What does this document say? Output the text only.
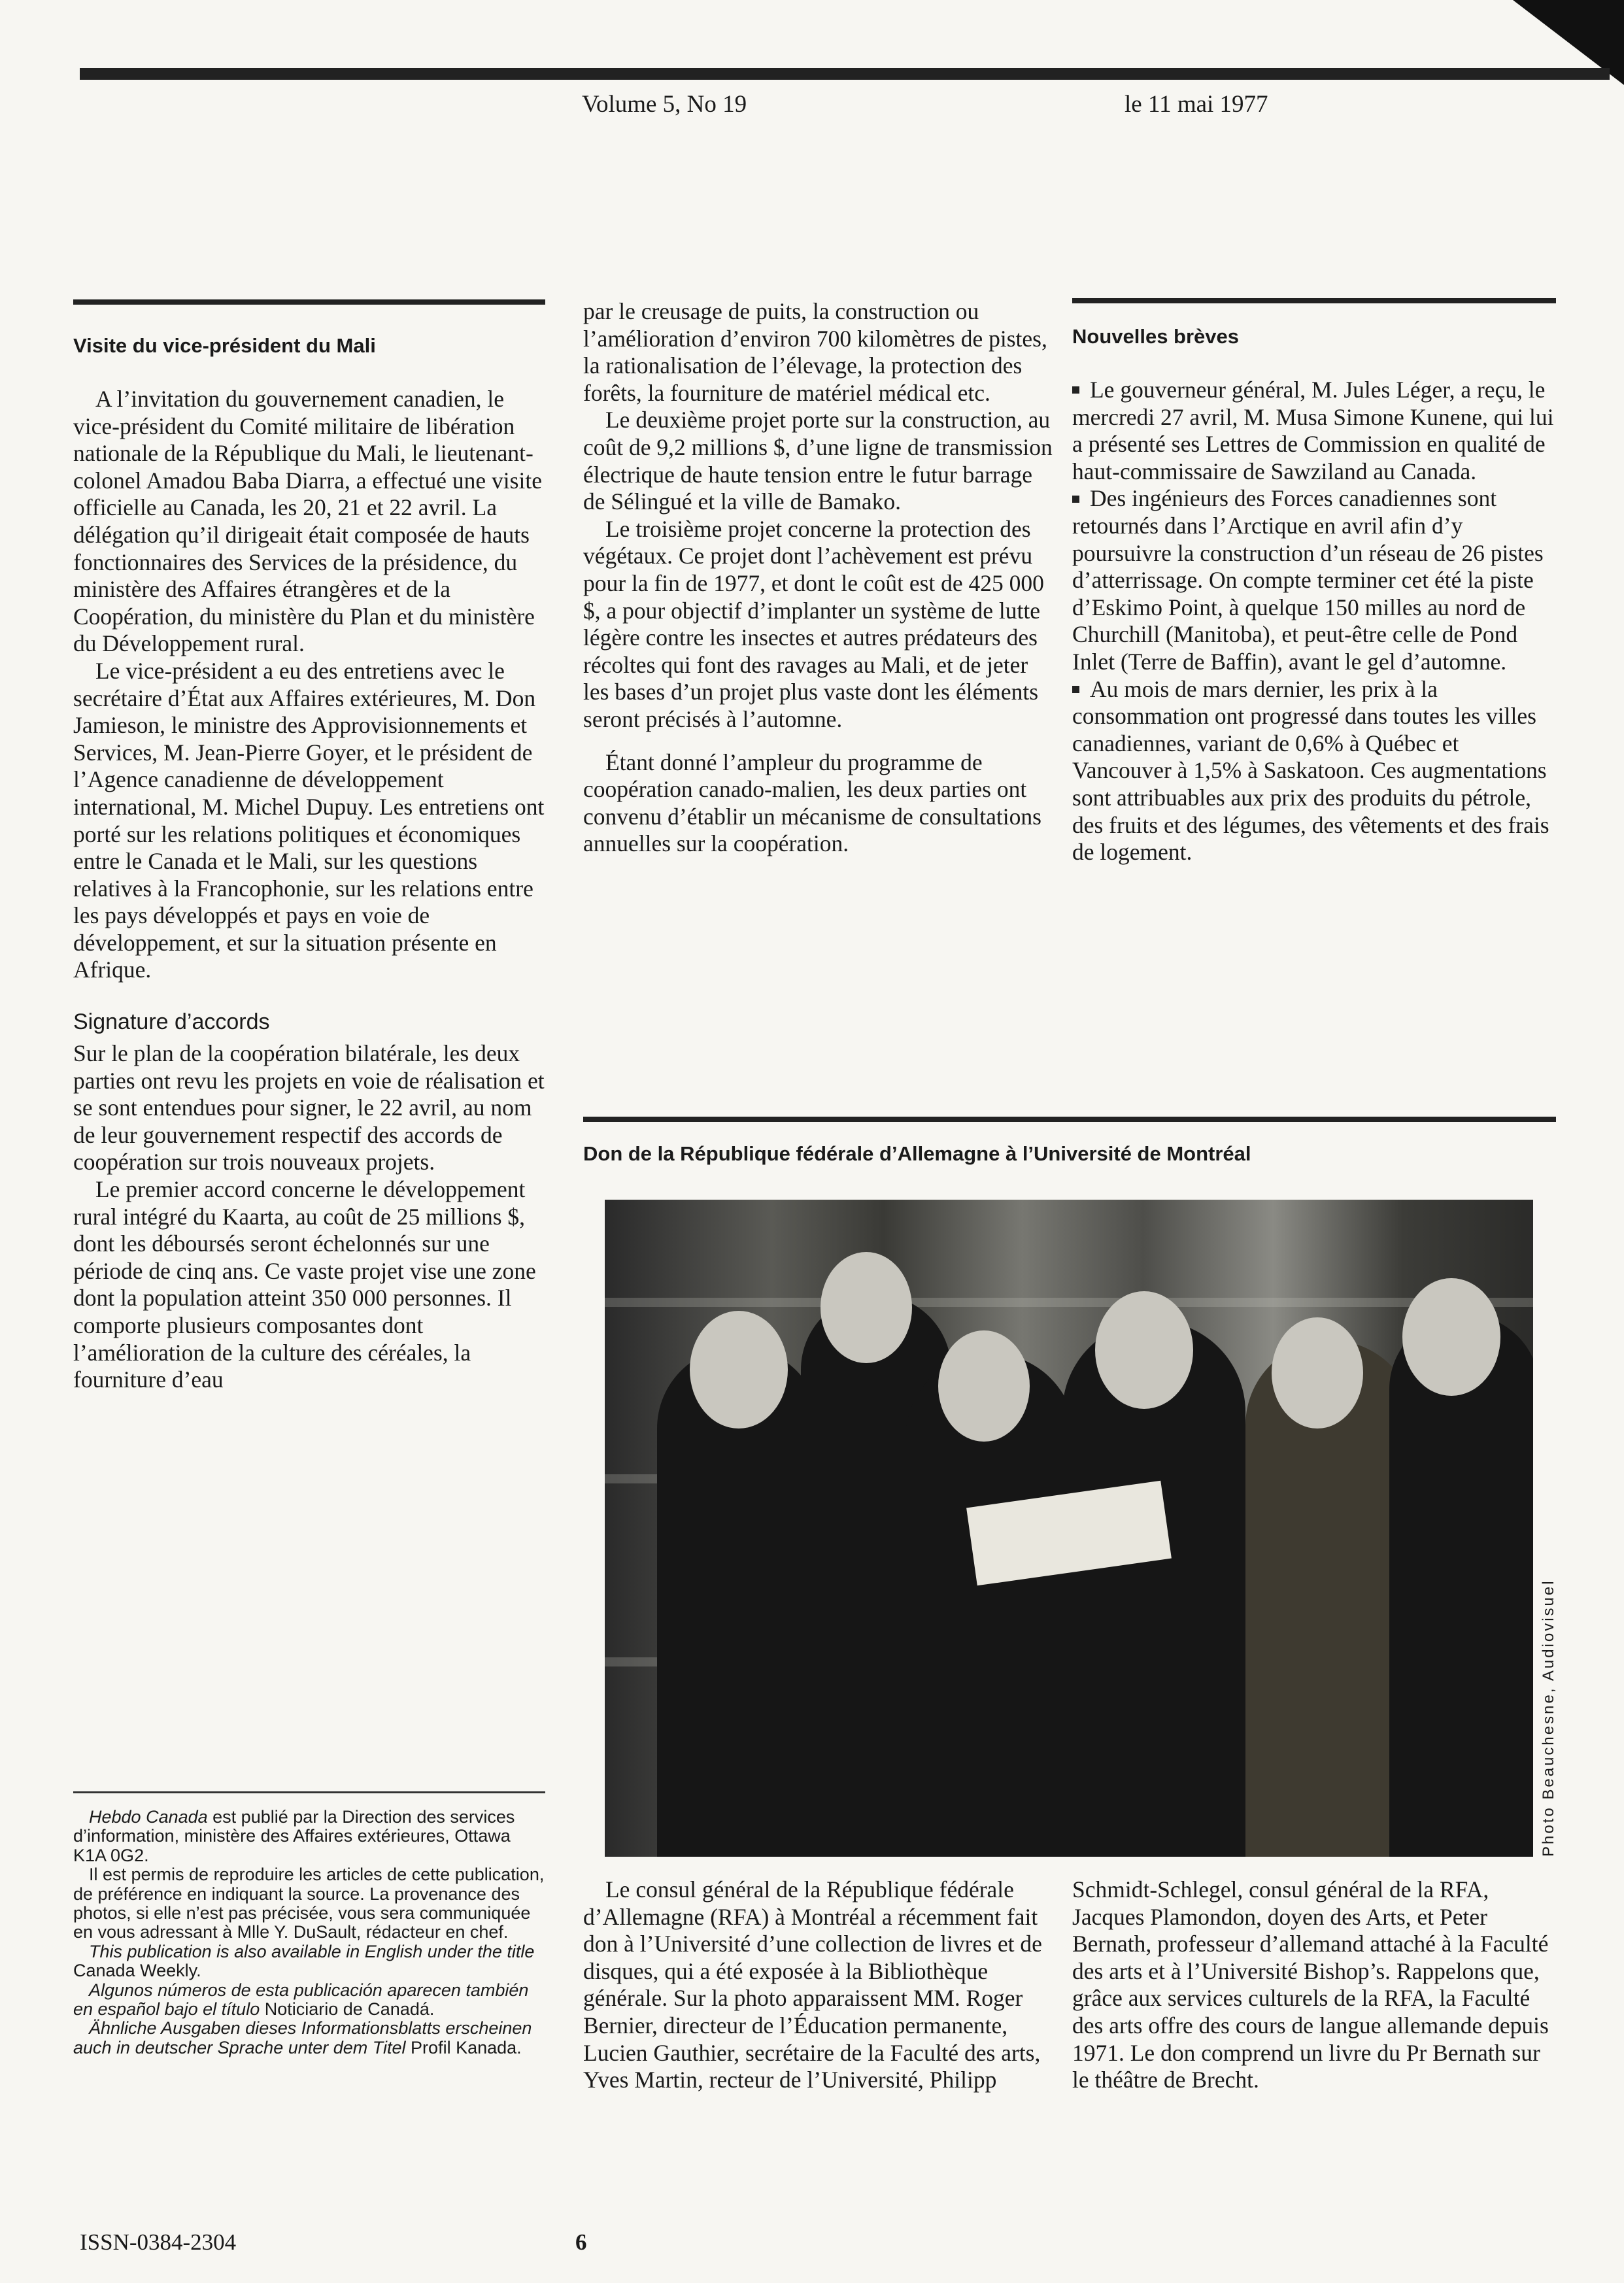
Volume 5, No 19	le 11 mai 1977
Visite du vice-président du Mali

A l’invitation du gouvernement canadien, le vice-président du Comité militaire de libération nationale de la République du Mali, le lieutenant-colonel Amadou Baba Diarra, a effectué une visite officielle au Canada, les 20, 21 et 22 avril. La délégation qu’il dirigeait était composée de hauts fonctionnaires des Services de la présidence, du ministère des Affaires étrangères et de la Coopération, du ministère du Plan et du ministère du Développement rural.

Le vice-président a eu des entretiens avec le secrétaire d’État aux Affaires extérieures, M. Don Jamieson, le ministre des Approvisionnements et Services, M. Jean-Pierre Goyer, et le président de l’Agence canadienne de développement international, M. Michel Dupuy. Les entretiens ont porté sur les relations politiques et économiques entre le Canada et le Mali, sur les questions relatives à la Francophonie, sur les relations entre les pays développés et pays en voie de développement, et sur la situation présente en Afrique.

Signature d’accords

Sur le plan de la coopération bilatérale, les deux parties ont revu les projets en voie de réalisation et se sont entendues pour signer, le 22 avril, au nom de leur gouvernement respectif des accords de coopération sur trois nouveaux projets.

Le premier accord concerne le développement rural intégré du Kaarta, au coût de 25 millions $, dont les déboursés seront échelonnés sur une période de cinq ans. Ce vaste projet vise une zone dont la population atteint 350 000 personnes. Il comporte plusieurs composantes dont l’amélioration de la culture des céréales, la fourniture d’eau

Hebdo Canada est publié par la Direction des services d’information, ministère des Affaires extérieures, Ottawa K1A 0G2.

Il est permis de reproduire les articles de cette publication, de préférence en indiquant la source. La provenance des photos, si elle n’est pas précisée, vous sera communiquée en vous adressant à Mlle Y. DuSault, rédacteur en chef.

This publication is also available in English under the title Canada Weekly.

Algunos números de esta publicación aparecen también en español bajo el título Noticiario de Canadá.

Ähnliche Ausgaben dieses Informationsblatts erscheinen auch in deutscher Sprache unter dem Titel Profil Kanada.

par le creusage de puits, la construction ou l’amélioration d’environ 700 kilomètres de pistes, la rationalisation de l’élevage, la protection des forêts, la fourniture de matériel médical etc.

Le deuxième projet porte sur la construction, au coût de 9,2 millions $, d’une ligne de transmission électrique de haute tension entre le futur barrage de Sélingué et la ville de Bamako.

Le troisième projet concerne la protection des végétaux. Ce projet dont l’achèvement est prévu pour la fin de 1977, et dont le coût est de 425 000 $, a pour objectif d’implanter un système de lutte légère contre les insectes et autres prédateurs des récoltes qui font des ravages au Mali, et de jeter les bases d’un projet plus vaste dont les éléments seront précisés à l’automne.

Étant donné l’ampleur du programme de coopération canado-malien, les deux parties ont convenu d’établir un mécanisme de consultations annuelles sur la coopération.

Nouvelles brèves

Le gouverneur général, M. Jules Léger, a reçu, le mercredi 27 avril, M. Musa Simone Kunene, qui lui a présenté ses Lettres de Commission en qualité de haut-commissaire de Sawziland au Canada.

Des ingénieurs des Forces canadiennes sont retournés dans l’Arctique en avril afin d’y poursuivre la construction d’un réseau de 26 pistes d’atterrissage. On compte terminer cet été la piste d’Eskimo Point, à quelque 150 milles au nord de Churchill (Manitoba), et peut-être celle de Pond Inlet (Terre de Baffin), avant le gel d’automne.

Au mois de mars dernier, les prix à la consommation ont progressé dans toutes les villes canadiennes, variant de 0,6% à Québec et Vancouver à 1,5% à Saskatoon. Ces augmentations sont attribuables aux prix des produits du pétrole, des fruits et des légumes, des vêtements et des frais de logement.

Don de la République fédérale d’Allemagne à l’Université de Montréal
Photo Beauchesne, Audiovisuel

Le consul général de la République fédérale d’Allemagne (RFA) à Montréal a récemment fait don à l’Université d’une collection de livres et de disques, qui a été exposée à la Bibliothèque générale. Sur la photo apparaissent MM. Roger Bernier, directeur de l’Éducation permanente, Lucien Gauthier, secrétaire de la Faculté des arts, Yves Martin, recteur de l’Université, Philipp

Schmidt-Schlegel, consul général de la RFA, Jacques Plamondon, doyen des Arts, et Peter Bernath, professeur d’allemand attaché à la Faculté des arts et à l’Université Bishop’s. Rappelons que, grâce aux services culturels de la RFA, la Faculté des arts offre des cours de langue allemande depuis 1971. Le don comprend un livre du Pr Bernath sur le théâtre de Brecht.

ISSN-0384-2304	6
